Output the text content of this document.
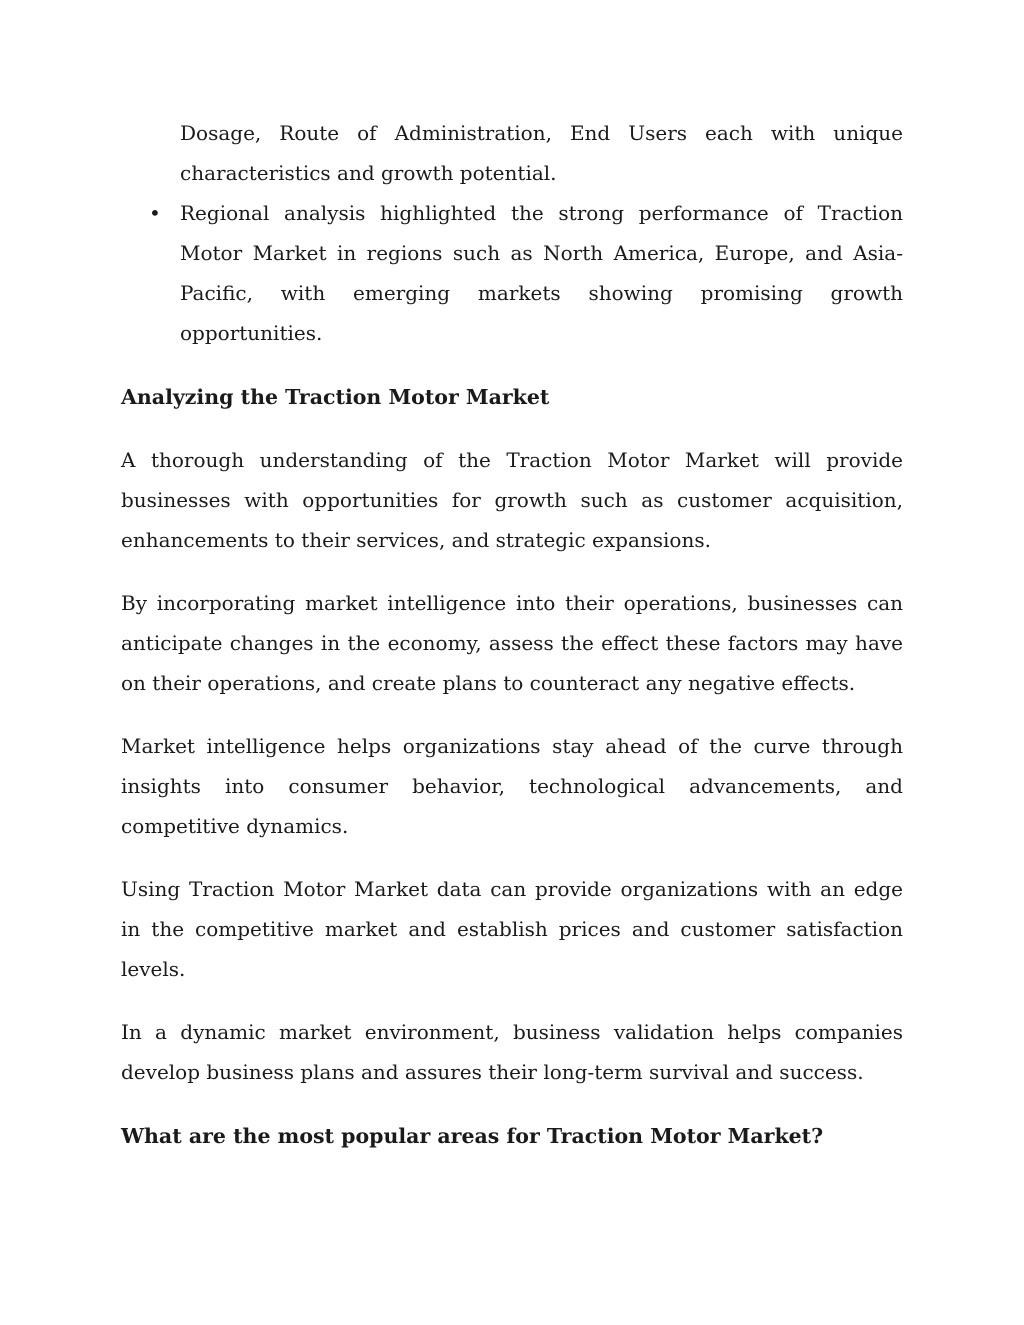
Dosage, Route of Administration, End Users each with unique characteristics and growth potential.
• Regional analysis highlighted the strong performance of Traction Motor Market in regions such as North America, Europe, and Asia-Pacific, with emerging markets showing promising growth opportunities.
Analyzing the Traction Motor Market

A thorough understanding of the Traction Motor Market will provide businesses with opportunities for growth such as customer acquisition, enhancements to their services, and strategic expansions.

By incorporating market intelligence into their operations, businesses can anticipate changes in the economy, assess the effect these factors may have on their operations, and create plans to counteract any negative effects.

Market intelligence helps organizations stay ahead of the curve through insights into consumer behavior, technological advancements, and competitive dynamics.

Using Traction Motor Market data can provide organizations with an edge in the competitive market and establish prices and customer satisfaction levels.

In a dynamic market environment, business validation helps companies develop business plans and assures their long-term survival and success.

What are the most popular areas for Traction Motor Market?
